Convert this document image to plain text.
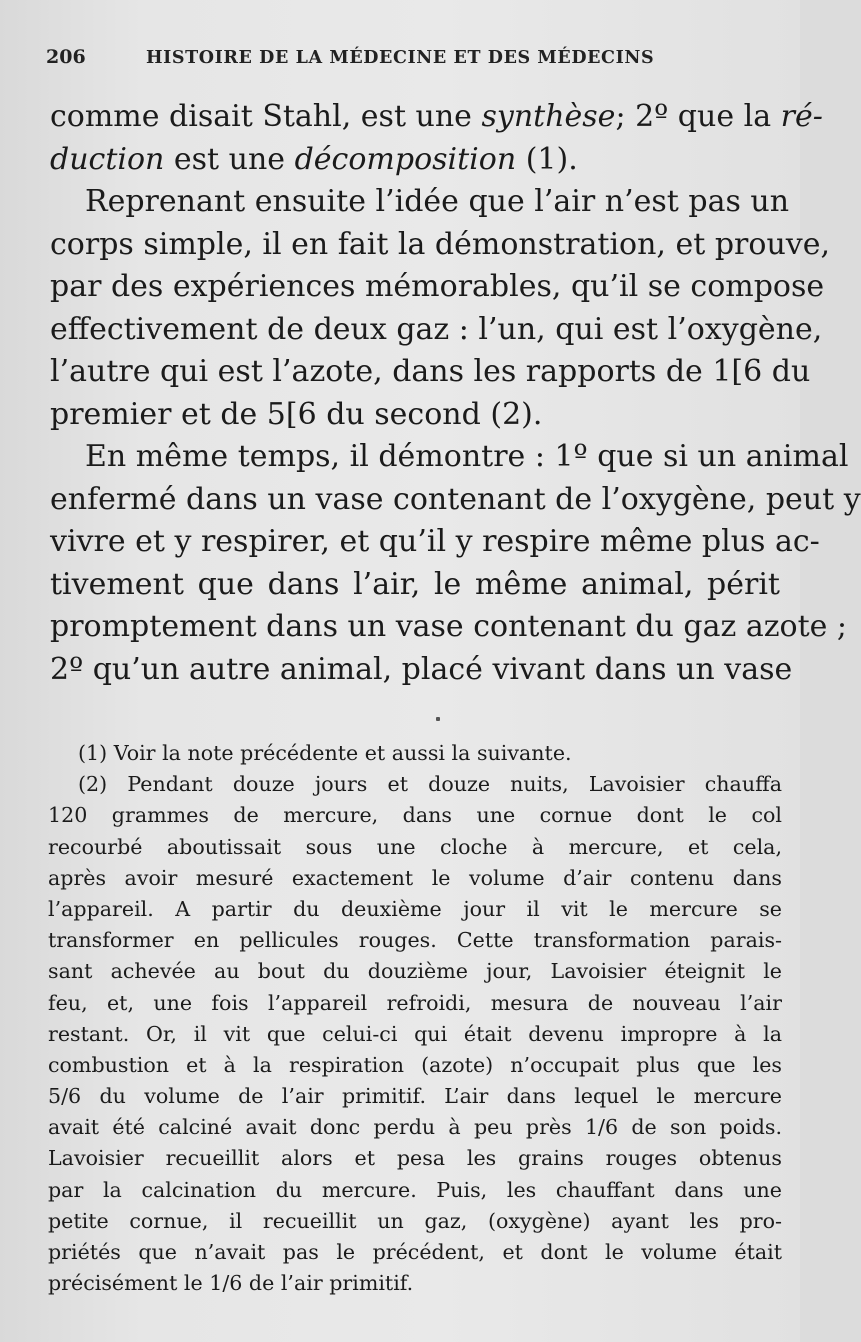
206	HISTOIRE DE LA MÉDECINE ET DES MÉDECINS
comme disait Stahl, est une synthèse; 2º que la ré-
duction est une décomposition (1).
Reprenant ensuite l’idée que l’air n’est pas un
corps simple, il en fait la démonstration, et prouve,
par des expériences mémorables, qu’il se compose
effectivement de deux gaz : l’un, qui est l’oxygène,
l’autre qui est l’azote, dans les rapports de 1[6 du
premier et de 5[6 du second (2).
En même temps, il démontre : 1º que si un animal
enfermé dans un vase contenant de l’oxygène, peut y
vivre et y respirer, et qu’il y respire même plus ac-
tivement que dans l’air, le même animal, périt
promptement dans un vase contenant du gaz azote ;
2º qu’un autre animal, placé vivant dans un vase
(1) Voir la note précédente et aussi la suivante.
(2) Pendant douze jours et douze nuits, Lavoisier chauffa
120 grammes de mercure, dans une cornue dont le col
recourbé aboutissait sous une cloche à mercure, et cela,
après avoir mesuré exactement le volume d’air contenu dans
l’appareil. A partir du deuxième jour il vit le mercure se
transformer en pellicules rouges. Cette transformation parais-
sant achevée au bout du douzième jour, Lavoisier éteignit le
feu, et, une fois l’appareil refroidi, mesura de nouveau l’air
restant. Or, il vit que celui-ci qui était devenu impropre à la
combustion et à la respiration (azote) n’occupait plus que les
5/6 du volume de l’air primitif. L’air dans lequel le mercure
avait été calciné avait donc perdu à peu près 1/6 de son poids.
Lavoisier recueillit alors et pesa les grains rouges obtenus
par la calcination du mercure. Puis, les chauffant dans une
petite cornue, il recueillit un gaz, (oxygène) ayant les pro-
priétés que n’avait pas le précédent, et dont le volume était
précisément le 1/6 de l’air primitif.
